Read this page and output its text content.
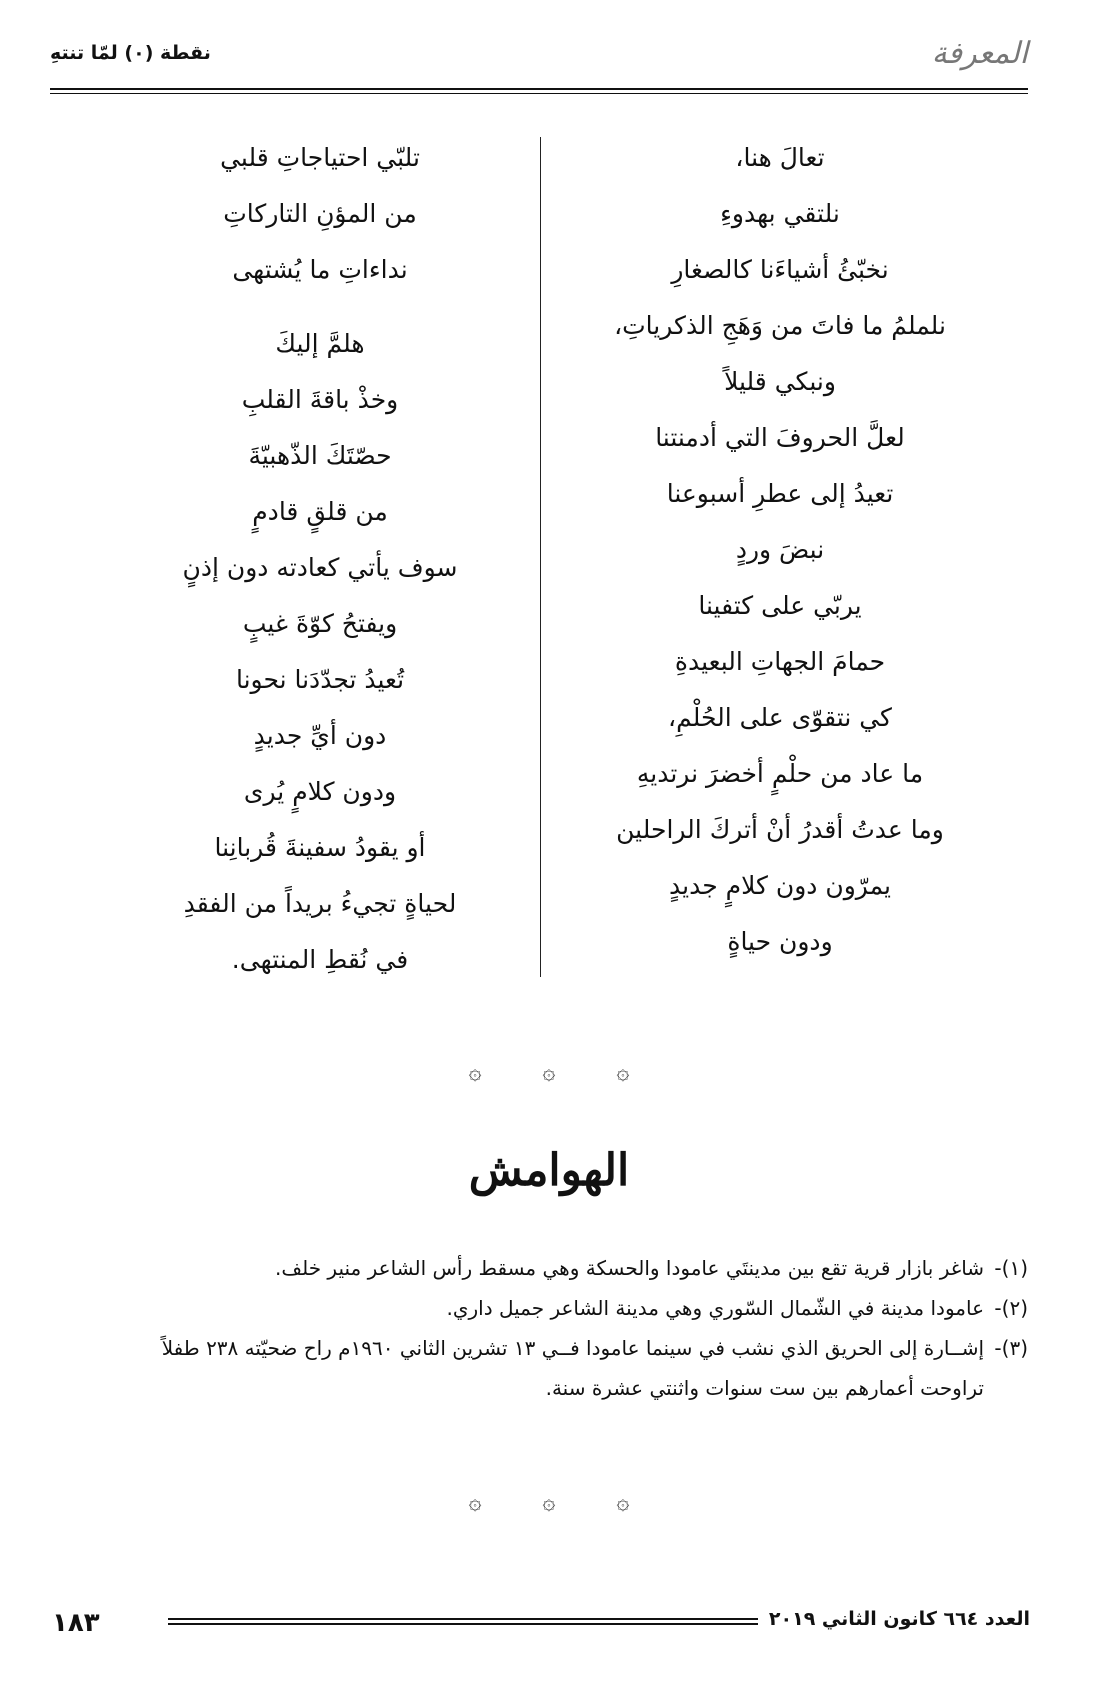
المعرفة
نقطة (٠) لمّا تنتهِ
تعالَ هنا،
نلتقي بهدوءِ
نخبّئُ أشياءَنا كالصغارِ
نلملمُ ما فاتَ من وَهَجِ الذكرياتِ،
ونبكي قليلاً
لعلَّ الحروفَ التي أدمنتنا
تعيدُ إلى عطرِ أسبوعنا
نبضَ وردٍ
يربّي على كتفينا
حمامَ الجهاتِ البعيدةِ
كي نتقوّى على الحُلْمِ،
ما عاد من حلْمٍ أخضرَ نرتديهِ
وما عدتُ أقدرُ أنْ أتركَ الراحلين
يمرّون دون كلامٍ جديدٍ
ودون حياةٍ
تلبّي احتياجاتِ قلبي
من المؤنِ التاركاتِ
نداءاتِ ما يُشتهى
هلمَّ إليكَ
وخذْ باقةَ القلبِ
حصّتَكَ الذّهبيّةَ
من قلقٍ قادمٍ
سوف يأتي كعادته دون إذنٍ
ويفتحُ كوّةَ غيبٍ
تُعيدُ تجدّدَنا نحونا
دون أيِّ جديدٍ
ودون كلامٍ يُرى
أو يقودُ سفينةَ قُربانِنا
لحياةٍ تجيءُ بريداً من الفقدِ
في نُقطِ المنتهى.
۞	۞	۞
الهوامش
(١)- شاغر بازار قرية تقع بين مدينتَي عامودا والحسكة وهي مسقط رأس الشاعر منير خلف.
(٢)- عامودا مدينة في الشّمال السّوري وهي مدينة الشاعر جميل داري.
(٣)- إشــارة إلى الحريق الذي نشب في سينما عامودا فــي ١٣ تشرين الثاني ١٩٦٠م راح ضحيّته ٢٣٨ طفلاً
تراوحت أعمارهم بين ست سنوات واثنتي عشرة سنة.
۞	۞	۞
١٨٣	العدد ٦٦٤ كانون الثاني ٢٠١٩
